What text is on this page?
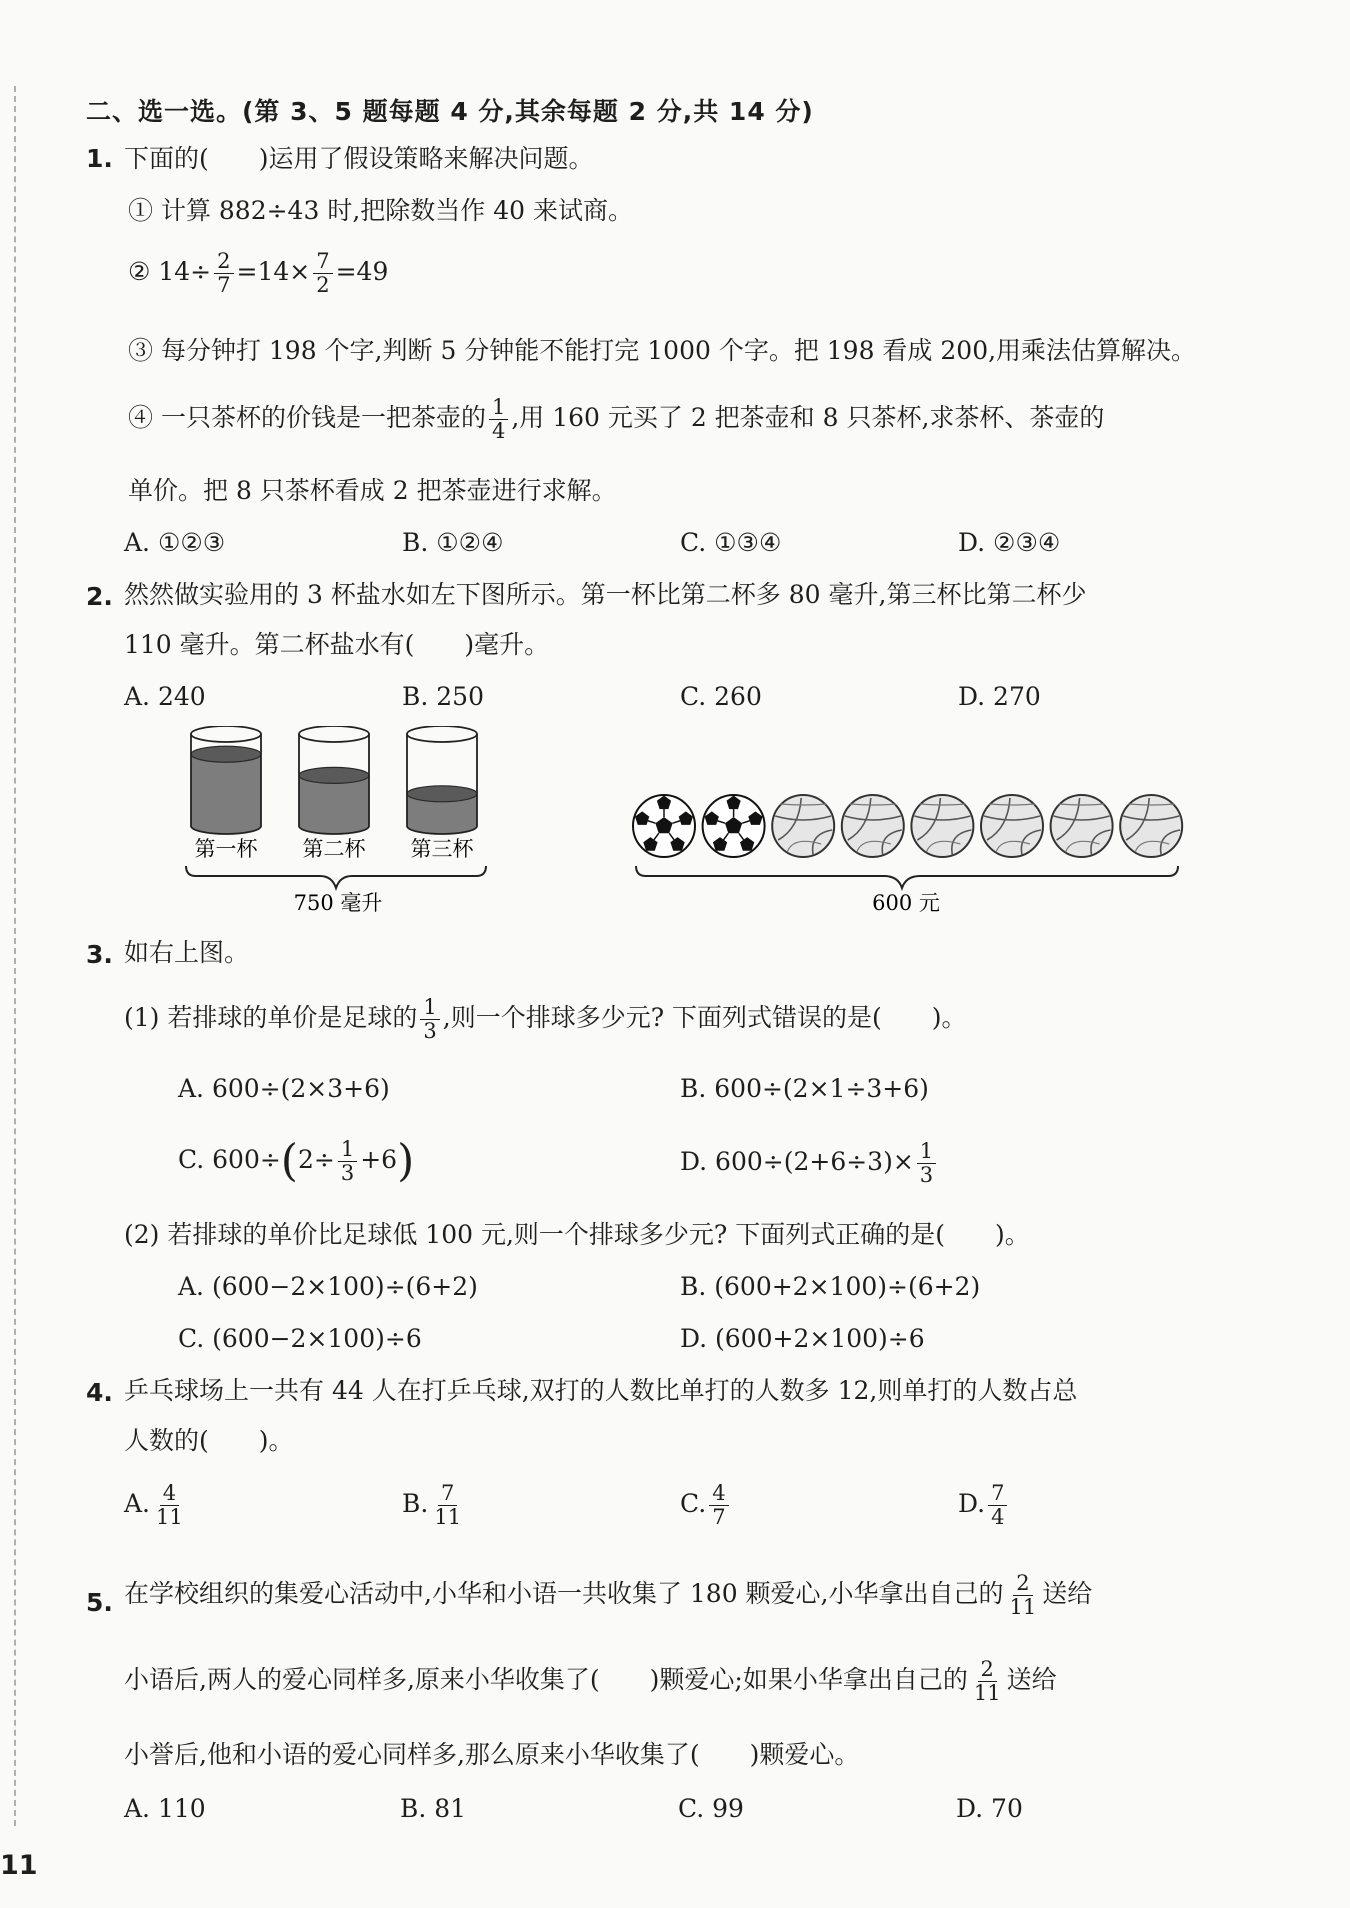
二、选一选。(第 3、5 题每题 4 分,其余每题 2 分,共 14 分)
1. 下面的(　　)运用了假设策略来解决问题。
① 计算 882÷43 时,把除数当作 40 来试商。
② $14\div \frac{2}{7} =14\times \frac{7}{2} =49$
③ 每分钟打 198 个字,判断 5 分钟能不能打完 1000 个字。把 198 看成 200,用乘法估算解决。
④ 一只茶杯的价钱是一把茶壶的 $\frac{1}{4}$ ,用 160 元买了 2 把茶壶和 8 只茶杯,求茶杯、茶壶的
单价。把 8 只茶杯看成 2 把茶壶进行求解。
A. ①②③	B. ①②④	C. ①③④	D. ②③④
2. 然然做实验用的 3 杯盐水如左下图所示。第一杯比第二杯多 80 毫升,第三杯比第二杯少
110 毫升。第二杯盐水有(　　)毫升。
A. 240	B. 250	C. 260	D. 270
第一杯 第二杯 第三杯
750 毫升	600 元
3. 如右上图。
(1) 若排球的单价是足球的 $\frac{1}{3}$ ,则一个排球多少元? 下面列式错误的是(　　)。
A. 600÷(2×3+6)	B. 600÷(2×1÷3+6)
C. $600\div(2\div \frac{1}{3} +6)$	D. $600\div(2+6\div 3)\times \frac{1}{3}$
(2) 若排球的单价比足球低 100 元,则一个排球多少元? 下面列式正确的是(　　)。
A. (600−2×100)÷(6+2)	B. (600+2×100)÷(6+2)
C. (600−2×100)÷6	D. (600+2×100)÷6
4. 乒乓球场上一共有 44 人在打乒乓球,双打的人数比单打的人数多 12,则单打的人数占总
人数的(　　)。
A. $\frac{4}{11}$	B. $\frac{7}{11}$	C. $\frac{4}{7}$	D. $\frac{7}{4}$
5. 在学校组织的集爱心活动中,小华和小语一共收集了 180 颗爱心,小华拿出自己的 $\frac{2}{11}$ 送给
小语后,两人的爱心同样多,原来小华收集了(　　)颗爱心;如果小华拿出自己的 $\frac{2}{11}$ 送给
小誉后,他和小语的爱心同样多,那么原来小华收集了(　　)颗爱心。
A. 110	B. 81	C. 99	D. 70
11
